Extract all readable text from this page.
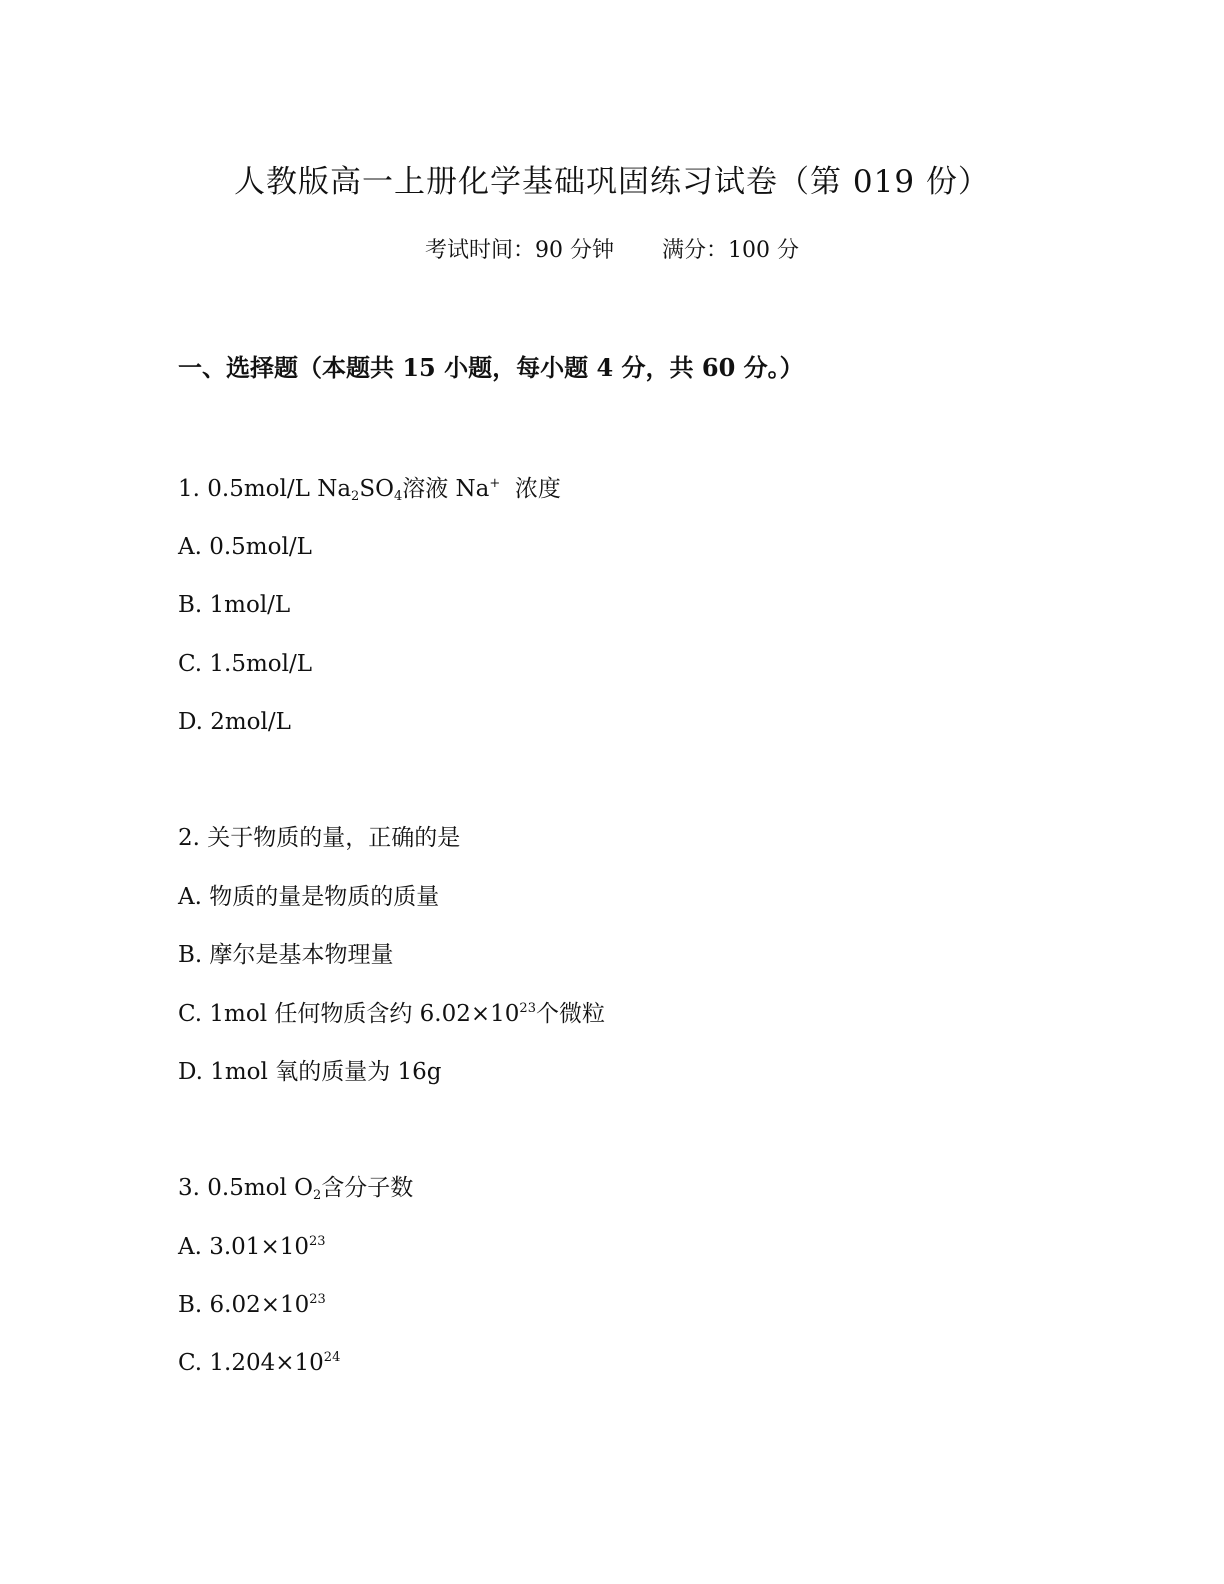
人教版高一上册化学基础巩固练习试卷（第 019 份）
考试时间：90 分钟 满分：100 分
一、选择题（本题共 15 小题，每小题 4 分，共 60 分。）
1. 0.5mol/L $Na_2SO_4$溶液 Na+  浓度
A. 0.5mol/L
B. 1mol/L
C. 1.5mol/L
D. 2mol/L
2. 关于物质的量，正确的是
A. 物质的量是物质的质量
B. 摩尔是基本物理量
C. 1mol 任何物质含约 $6.02\times 10^{23}$个微粒
D. 1mol 氧的质量为 16g
3. 0.5mol $O_2$含分子数
A. $3.01\times 10^{23}$
B. $6.02\times 10^{23}$
C. $1.204\times 10^{24}$
